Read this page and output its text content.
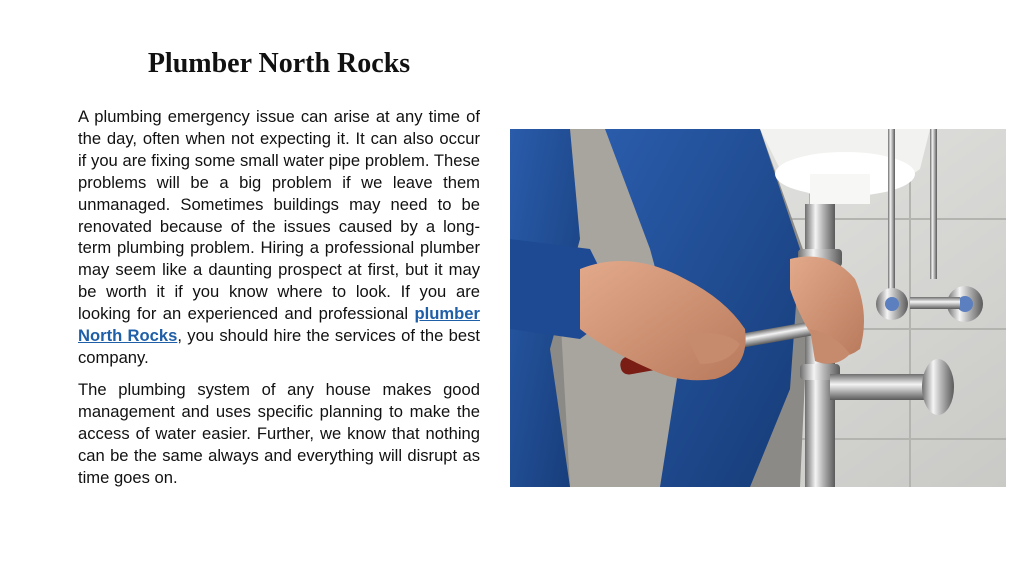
Plumber North Rocks

A plumbing emergency issue can arise at any time of the day, often when not expecting it. It can also occur if you are fixing some small water pipe problem. These problems will be a big problem if we leave them unmanaged. Sometimes buildings may need to be renovated because of the issues caused by a long-term plumbing problem. Hiring a professional plumber may seem like a daunting prospect at first, but it may be worth it if you know where to look. If you are looking for an experienced and professional plumber North Rocks, you should hire the services of the best company.

The plumbing system of any house makes good management and uses specific planning to make the access of water easier. Further, we know that nothing can be the same always and everything will disrupt as time goes on.
